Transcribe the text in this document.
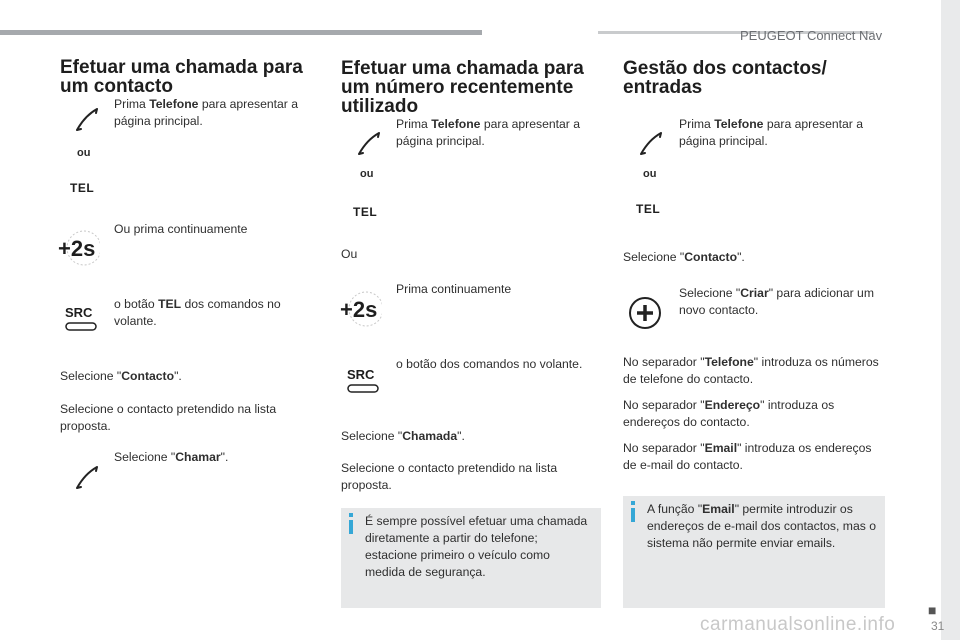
PEUGEOT Connect Nav
■
31
carmanualsonline.info
Efetuar uma chamada para um contacto
Prima Telefone para apresentar a página principal.
ou
TEL
+2s
Ou prima continuamente
SRC
o botão TEL dos comandos no volante.
Selecione "Contacto".
Selecione o contacto pretendido na lista proposta.
Selecione "Chamar".
Efetuar uma chamada para um número recentemente utilizado
Prima Telefone para apresentar a página principal.
ou
TEL
Ou
+2s
Prima continuamente
SRC
o botão dos comandos no volante.
Selecione "Chamada".
Selecione o contacto pretendido na lista proposta.
É sempre possível efetuar uma chamada diretamente a partir do telefone; estacione primeiro o veículo como medida de segurança.
Gestão dos contactos/ entradas
Prima Telefone para apresentar a página principal.
ou
TEL
Selecione "Contacto".
Selecione "Criar" para adicionar um novo contacto.
No separador "Telefone" introduza os números de telefone do contacto.
No separador "Endereço" introduza os endereços do contacto.
No separador "Email" introduza os endereços de e-mail do contacto.
A função "Email" permite introduzir os endereços de e-mail dos contactos, mas o sistema não permite enviar emails.
